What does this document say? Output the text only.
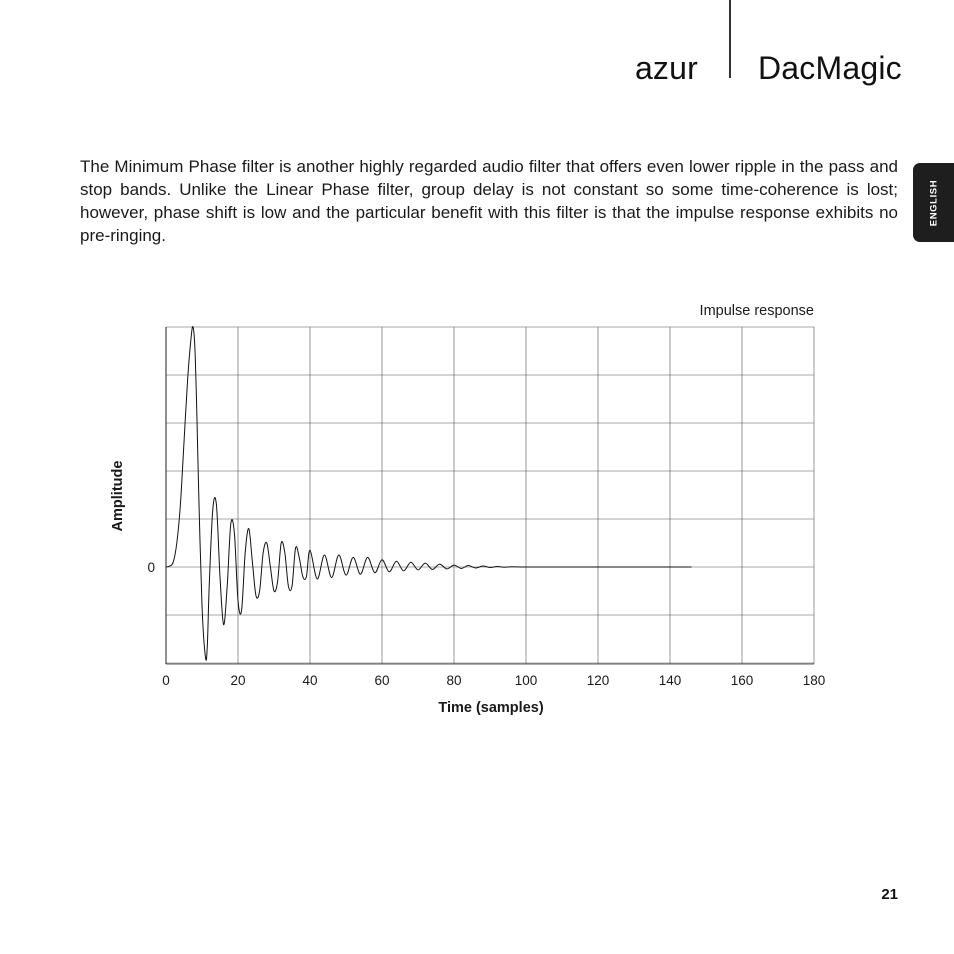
azur DacMagic
ENGLISH

The Minimum Phase filter is another highly regarded audio filter that offers even lower ripple in the pass and stop bands. Unlike the Linear Phase filter, group delay is not constant so some time-coherence is lost; however, phase shift is low and the particular benefit with this filter is that the impulse response exhibits no pre-ringing.

0	20	40	60	80	100	120	140	160	180
0
Impulse response
Time (samples)
Amplitude
21
